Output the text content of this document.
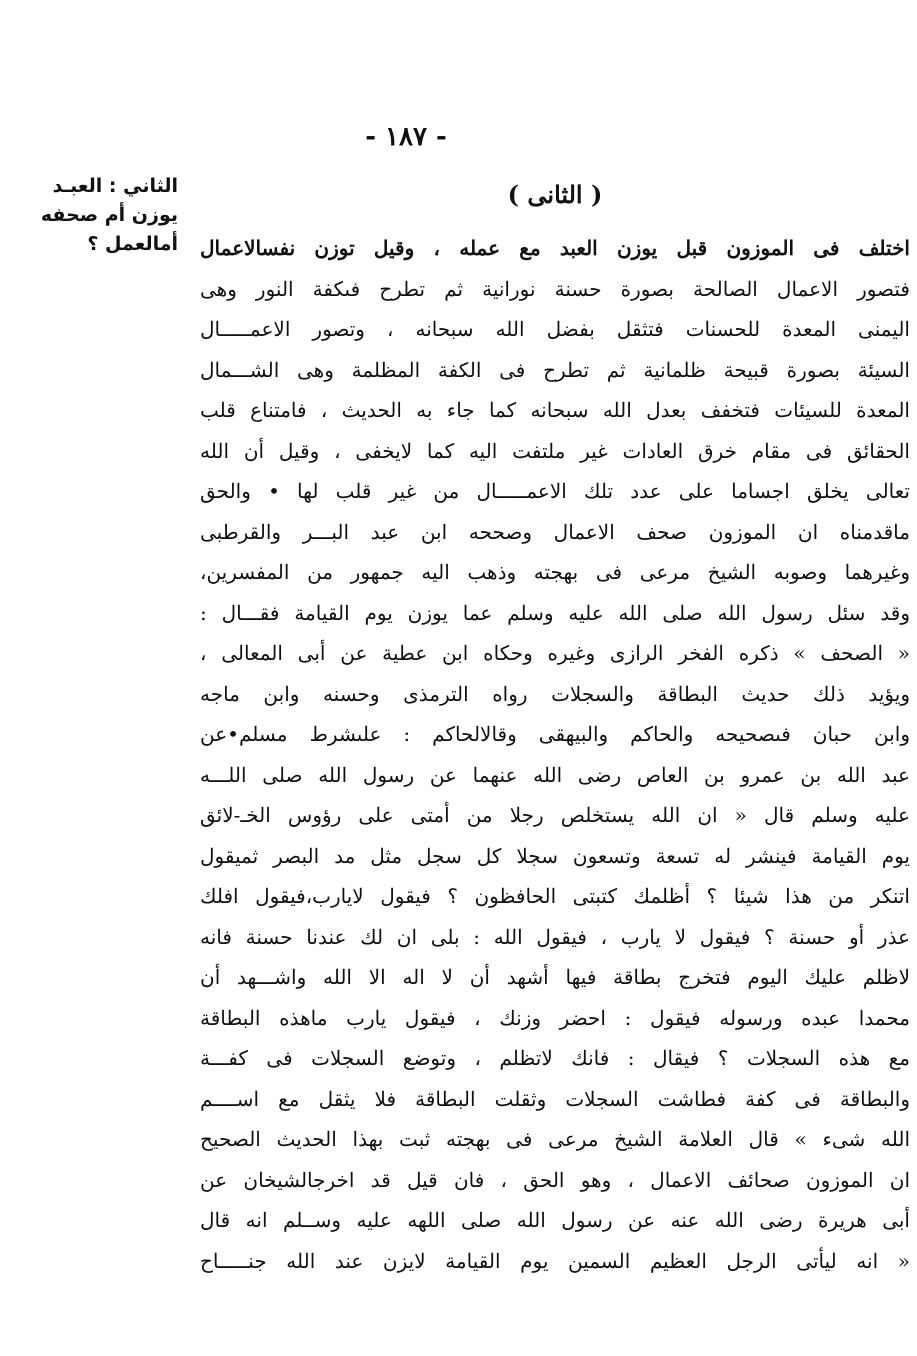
- ١٨٧ -
الثاني : العبـد
يوزن أم صحفه
أمالعمل ؟
( الثانى )
اختلف فى الموزون قبل يوزن العبد مع عمله ، وقيل توزن نفسالاعمال
فتصور الاعمال الصالحة بصورة حسنة نورانية ثم تطرح فىكفة النور وهى
اليمنى المعدة للحسنات فتثقل بفضل الله سبحانه ، وتصور الاعمـــــال
السيئة بصورة قبيحة ظلمانية ثم تطرح فى الكفة المظلمة وهى الشـــمال
المعدة للسيئات فتخفف بعدل الله سبحانه كما جاء به الحديث ، فامتناع قلب
الحقائق فى مقام خرق العادات غير ملتفت اليه كما لايخفى ، وقيل أن الله
تعالى يخلق اجساما على عدد تلك الاعمـــــال من غير قلب لها • والحق
ماقدمناه ان الموزون صحف الاعمال وصححه ابن عبد البـــر والقرطبى
وغيرهما وصوبه الشيخ مرعى فى بهجته وذهب اليه جمهور من المفسرين،
وقد سئل رسول الله صلى الله عليه وسلم عما يوزن يوم القيامة فقـــال :
« الصحف » ذكره الفخر الرازى وغيره وحكاه ابن عطية عن أبى المعالى ،
ويؤيد ذلك حديث البطاقة والسجلات رواه الترمذى وحسنه وابن ماجه
وابن حبان فىصحيحه والحاكم والبيهقى وقالالحاكم : علىشرط مسلم•عن
عبد الله بن عمرو بن العاص رضى الله عنهما عن رسول الله صلى اللـــه
عليه وسلم قال « ان الله يستخلص رجلا من أمتى على رؤوس الخـ-لائق
يوم القيامة فينشر له تسعة وتسعون سجلا كل سجل مثل مد البصر ثميقول
اتنكر من هذا شيئا ؟ أظلمك كتبتى الحافظون ؟ فيقول لايارب،فيقول افلك
عذر أو حسنة ؟ فيقول لا يارب ، فيقول الله : بلى ان لك عندنا حسنة فانه
لاظلم عليك اليوم فتخرج بطاقة فيها أشهد أن لا اله الا الله واشـــهد أن
محمدا عبده ورسوله فيقول : احضر وزنك ، فيقول يارب ماهذه البطاقة
مع هذه السجلات ؟ فيقال : فانك لاتظلم ، وتوضع السجلات فى كفـــة
والبطاقة فى كفة فطاشت السجلات وثقلت البطاقة فلا يثقل مع اســــم
الله شىء » قال العلامة الشيخ مرعى فى بهجته ثبت بهذا الحديث الصحيح
ان الموزون صحائف الاعمال ، وهو الحق ، فان قيل قد اخرجالشيخان عن
أبى هريرة رضى الله عنه عن رسول الله صلى اللهه عليه وســلم انه قال
« انه ليأتى الرجل العظيم السمين يوم القيامة لايزن عند الله جنـــــاح
